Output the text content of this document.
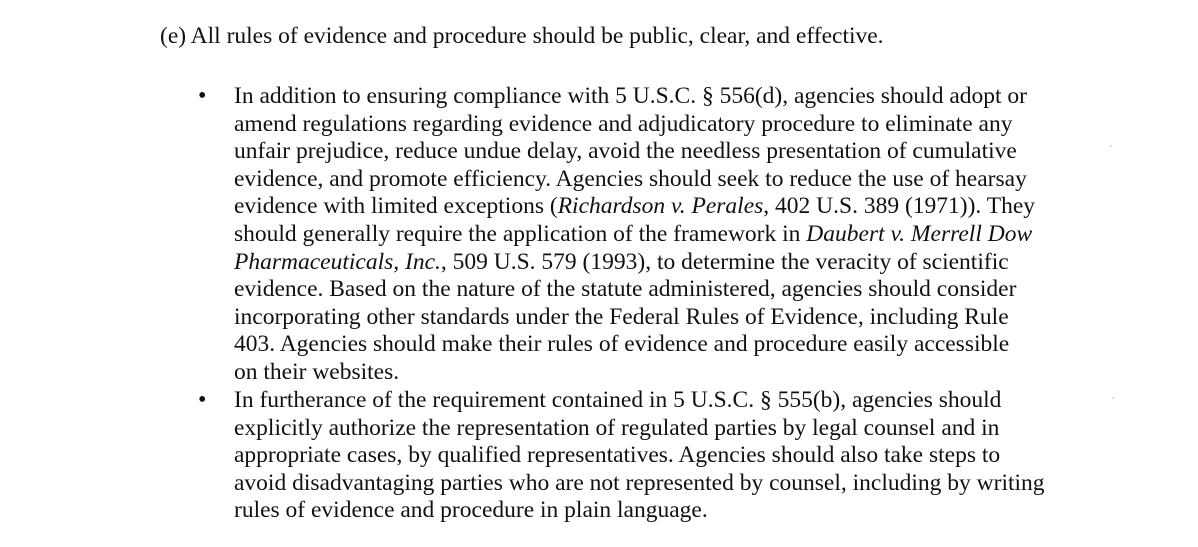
(e) All rules of evidence and procedure should be public, clear, and effective.
• In addition to ensuring compliance with 5 U.S.C. § 556(d), agencies should adopt or
amend regulations regarding evidence and adjudicatory procedure to eliminate any
unfair prejudice, reduce undue delay, avoid the needless presentation of cumulative
evidence, and promote efficiency. Agencies should seek to reduce the use of hearsay
evidence with limited exceptions (Richardson v. Perales, 402 U.S. 389 (1971)). They
should generally require the application of the framework in Daubert v. Merrell Dow
Pharmaceuticals, Inc., 509 U.S. 579 (1993), to determine the veracity of scientific
evidence. Based on the nature of the statute administered, agencies should consider
incorporating other standards under the Federal Rules of Evidence, including Rule
403. Agencies should make their rules of evidence and procedure easily accessible
on their websites.
• In furtherance of the requirement contained in 5 U.S.C. § 555(b), agencies should
explicitly authorize the representation of regulated parties by legal counsel and in
appropriate cases, by qualified representatives. Agencies should also take steps to
avoid disadvantaging parties who are not represented by counsel, including by writing
rules of evidence and procedure in plain language.
